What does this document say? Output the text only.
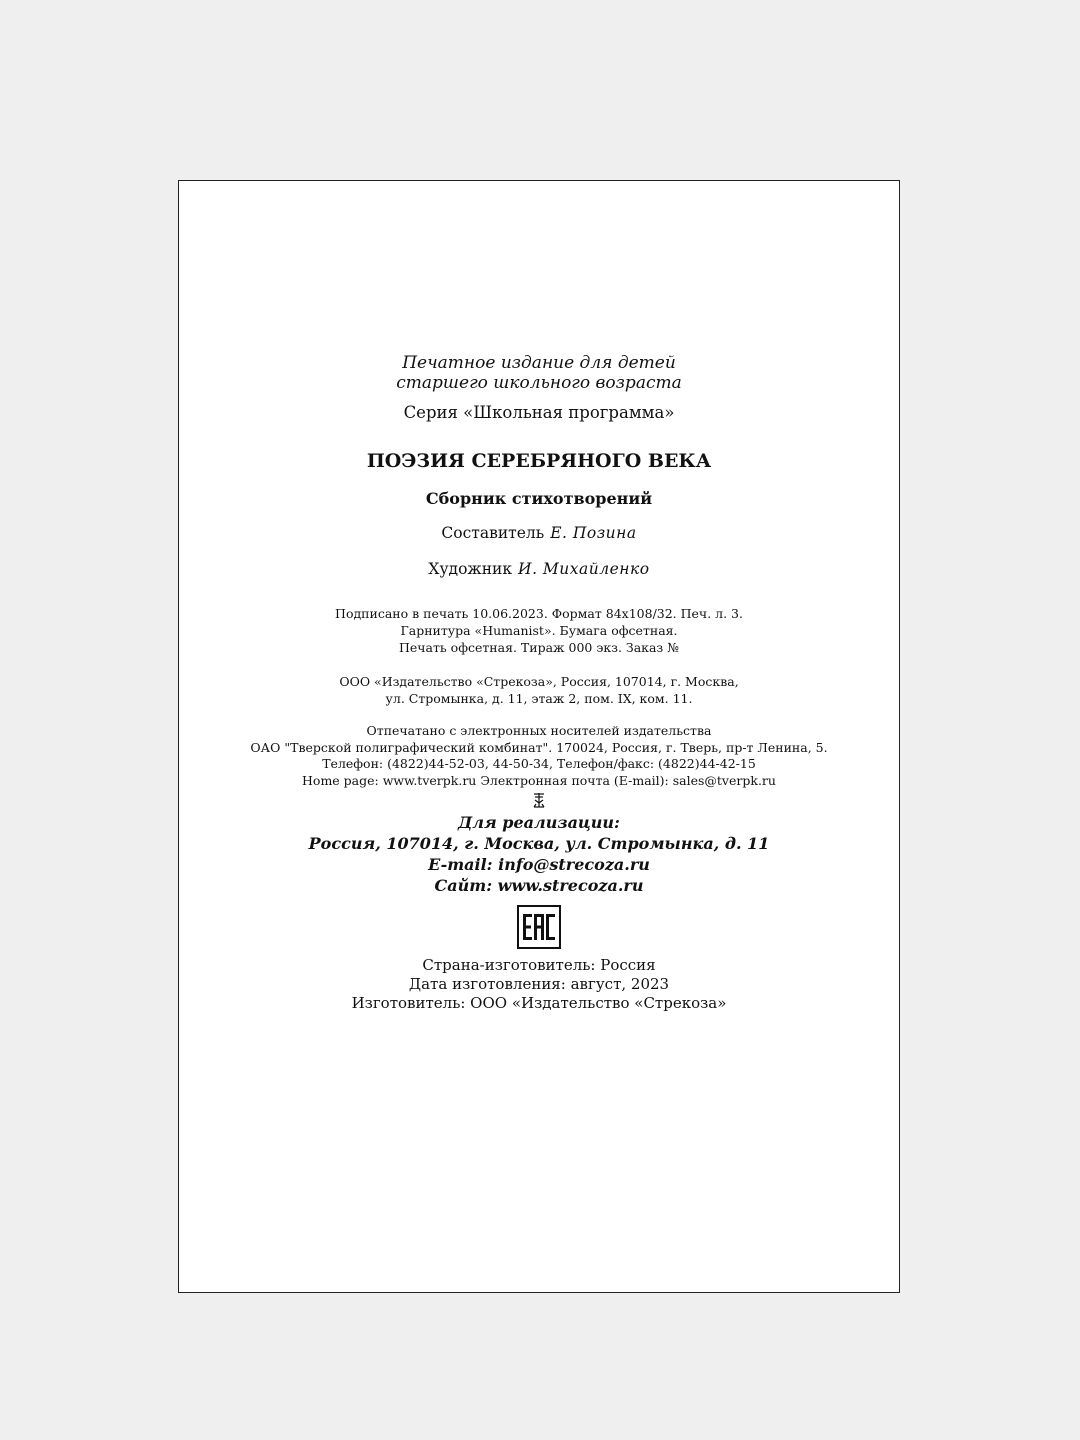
Печатное издание для детей
старшего школьного возраста
Серия «Школьная программа»
ПОЭЗИЯ СЕРЕБРЯНОГО ВЕКА
Сборник стихотворений
Составитель Е. Позина
Художник И. Михайленко
Подписано в печать 10.06.2023. Формат 84х108/32. Печ. л. 3.
Гарнитура «Humanist». Бумага офсетная.
Печать офсетная. Тираж 000 экз. Заказ №
ООО «Издательство «Стрекоза», Россия, 107014, г. Москва,
ул. Стромынка, д. 11, этаж 2, пом. IX, ком. 11.
Отпечатано с электронных носителей издательства
ОАО "Тверской полиграфический комбинат". 170024, Россия, г. Тверь, пр-т Ленина, 5.
Телефон: (4822)44-52-03, 44-50-34, Телефон/факс: (4822)44-42-15
Home page: www.tverpk.ru Электронная почта (E-mail): sales@tverpk.ru
Для реализации:
Россия, 107014, г. Москва, ул. Стромынка, д. 11
E-mail: info@strecoza.ru
Сайт: www.strecoza.ru
Страна-изготовитель: Россия
Дата изготовления: август, 2023
Изготовитель: ООО «Издательство «Стрекоза»
